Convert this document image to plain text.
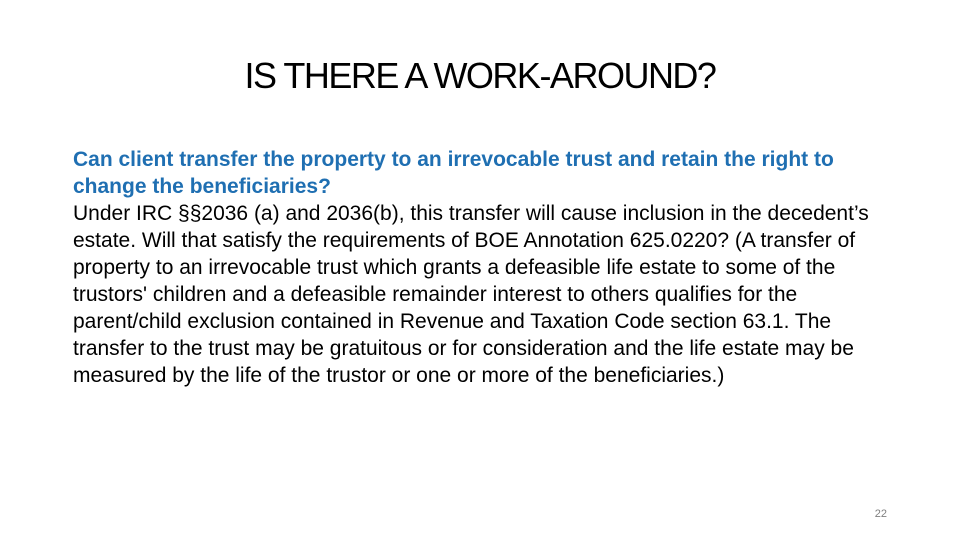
IS THERE A WORK-AROUND?

Can client transfer the property to an irrevocable trust and retain the right to change the beneficiaries?

Under IRC §§2036 (a) and 2036(b), this transfer will cause inclusion in the decedent’s estate. Will that satisfy the requirements of BOE Annotation 625.0220? (A transfer of property to an irrevocable trust which grants a defeasible life estate to some of the trustors' children and a defeasible remainder interest to others qualifies for the parent/child exclusion contained in Revenue and Taxation Code section 63.1. The transfer to the trust may be gratuitous or for consideration and the life estate may be measured by the life of the trustor or one or more of the beneficiaries.)

22
